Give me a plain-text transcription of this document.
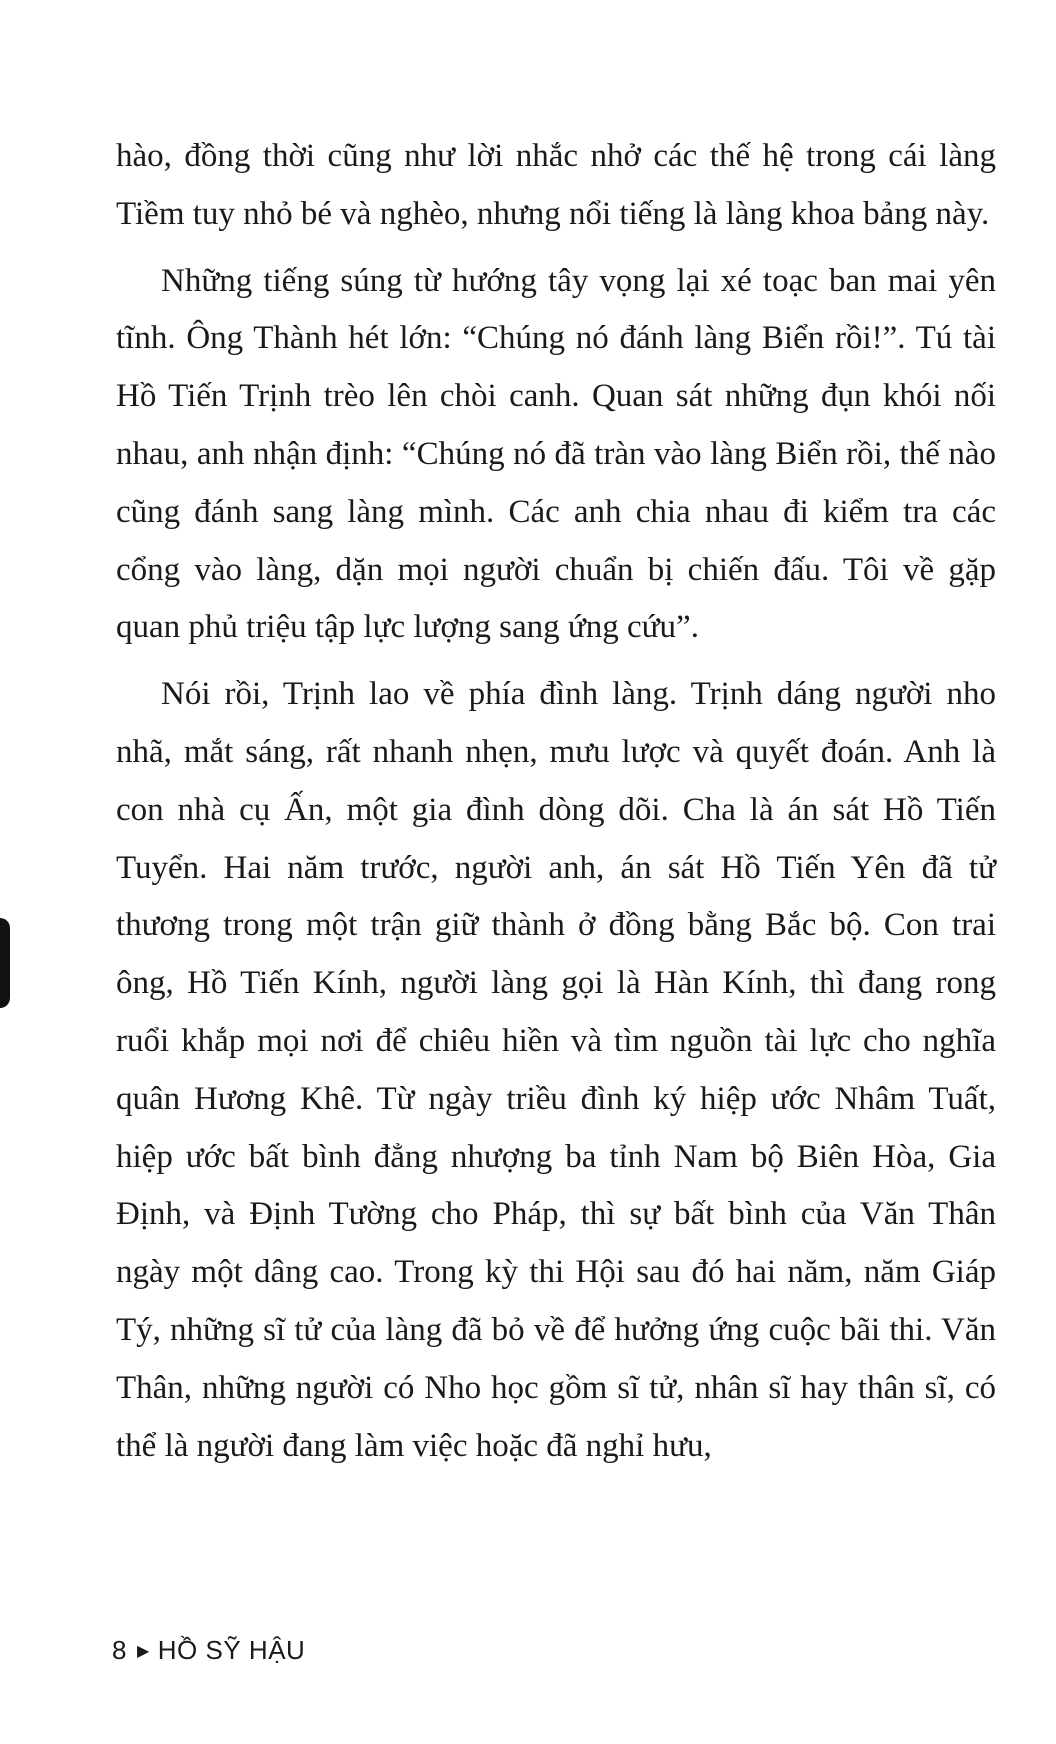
hào, đồng thời cũng như lời nhắc nhở các thế hệ trong cái làng Tiềm tuy nhỏ bé và nghèo, nhưng nổi tiếng là làng khoa bảng này.

Những tiếng súng từ hướng tây vọng lại xé toạc ban mai yên tĩnh. Ông Thành hét lớn: “Chúng nó đánh làng Biển rồi!”. Tú tài Hồ Tiến Trịnh trèo lên chòi canh. Quan sát những đụn khói nối nhau, anh nhận định: “Chúng nó đã tràn vào làng Biển rồi, thế nào cũng đánh sang làng mình. Các anh chia nhau đi kiểm tra các cổng vào làng, dặn mọi người chuẩn bị chiến đấu. Tôi về gặp quan phủ triệu tập lực lượng sang ứng cứu”.

Nói rồi, Trịnh lao về phía đình làng. Trịnh dáng người nho nhã, mắt sáng, rất nhanh nhẹn, mưu lược và quyết đoán. Anh là con nhà cụ Ấn, một gia đình dòng dõi. Cha là án sát Hồ Tiến Tuyển. Hai năm trước, người anh, án sát Hồ Tiến Yên đã tử thương trong một trận giữ thành ở đồng bằng Bắc bộ. Con trai ông, Hồ Tiến Kính, người làng gọi là Hàn Kính, thì đang rong ruổi khắp mọi nơi để chiêu hiền và tìm nguồn tài lực cho nghĩa quân Hương Khê. Từ ngày triều đình ký hiệp ước Nhâm Tuất, hiệp ước bất bình đẳng nhượng ba tỉnh Nam bộ Biên Hòa, Gia Định, và Định Tường cho Pháp, thì sự bất bình của Văn Thân ngày một dâng cao. Trong kỳ thi Hội sau đó hai năm, năm Giáp Tý, những sĩ tử của làng đã bỏ về để hưởng ứng cuộc bãi thi. Văn Thân, những người có Nho học gồm sĩ tử, nhân sĩ hay thân sĩ, có thể là người đang làm việc hoặc đã nghỉ hưu,

8 ▶ HỒ SỸ HẬU
